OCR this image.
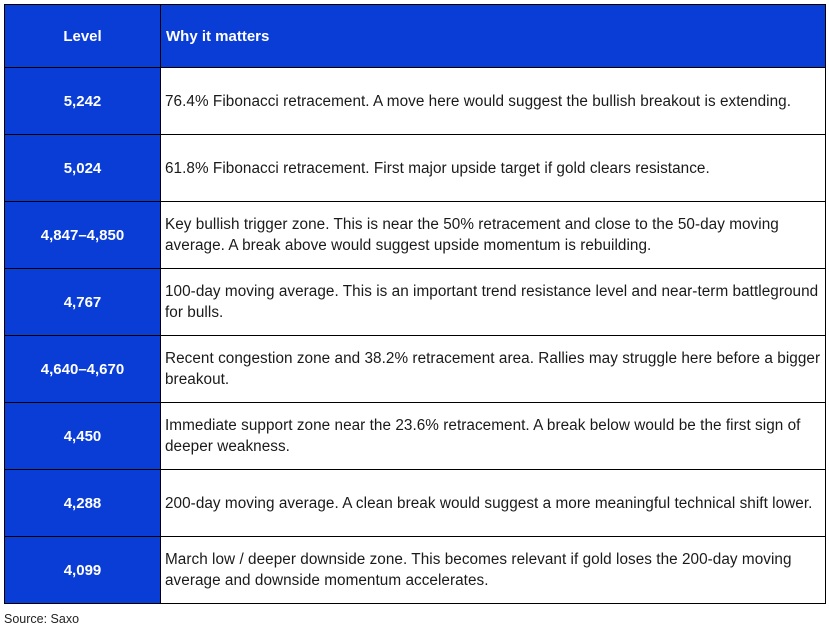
Level	Why it matters
5,242	76.4% Fibonacci retracement. A move here would suggest the bullish breakout is extending.
5,024	61.8% Fibonacci retracement. First major upside target if gold clears resistance.
4,847–4,850	Key bullish trigger zone. This is near the 50% retracement and close to the 50-day moving average. A break above would suggest upside momentum is rebuilding.
4,767	100-day moving average. This is an important trend resistance level and near-term battleground for bulls.
4,640–4,670	Recent congestion zone and 38.2% retracement area. Rallies may struggle here before a bigger breakout.
4,450	Immediate support zone near the 23.6% retracement. A break below would be the first sign of deeper weakness.
4,288	200-day moving average. A clean break would suggest a more meaningful technical shift lower.
4,099	March low / deeper downside zone. This becomes relevant if gold loses the 200-day moving average and downside momentum accelerates.
Source: Saxo
